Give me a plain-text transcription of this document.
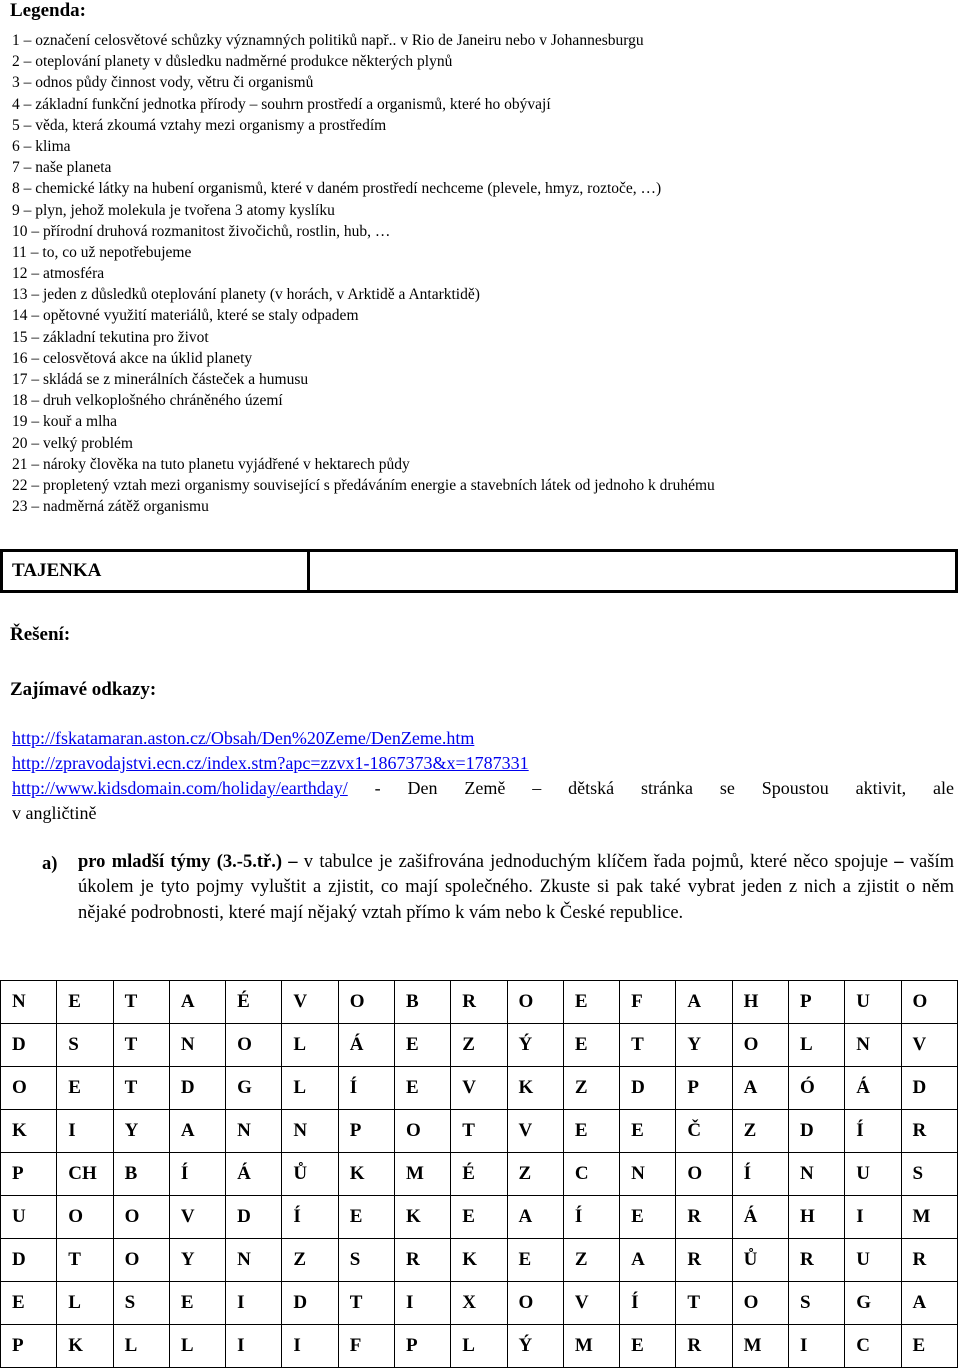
Legenda:
1 – označení celosvětové schůzky významných politiků např.. v Rio de Janeiru nebo v Johannesburgu
2 – oteplování planety v důsledku nadměrné produkce některých plynů
3 – odnos půdy činnost vody, větru či organismů
4 – základní funkční jednotka přírody – souhrn prostředí a organismů, které ho obývají
5 – věda, která zkoumá vztahy mezi organismy a prostředím
6 – klima
7 – naše planeta
8 – chemické látky na hubení organismů, které v daném prostředí nechceme (plevele, hmyz, roztoče, …)
9 – plyn, jehož molekula je tvořena 3 atomy kyslíku
10 – přírodní druhová rozmanitost živočichů, rostlin, hub, …
11 – to, co už nepotřebujeme
12 – atmosféra
13 – jeden z důsledků oteplování planety (v horách, v Arktidě a Antarktidě)
14 – opětovné využití materiálů, které se staly odpadem
15 – základní tekutina pro život
16 – celosvětová akce na úklid planety
17 – skládá se z minerálních částeček a humusu
18 – druh velkoplošného chráněného území
19 – kouř a mlha
20 – velký problém
21 – nároky člověka na tuto planetu vyjádřené v hektarech půdy
22 – propletený vztah mezi organismy související s předáváním energie a stavebních látek od jednoho k druhému
23 – nadměrná zátěž organismu
TAJENKA	
Řešení:
Zajímavé odkazy:
http://fskatamaran.aston.cz/Obsah/Den%20Zeme/DenZeme.htm
http://zpravodajstvi.ecn.cz/index.stm?apc=zzvx1-1867373&x=1787331
http://www.kidsdomain.com/holiday/earthday/ - Den Země – dětská stránka se Spoustou aktivit, ale
v angličtině
a) pro mladší týmy (3.-5.tř.) – v tabulce je zašifrována jednoduchým klíčem řada pojmů, které něco spojuje – vaším úkolem je tyto pojmy vyluštit a zjistit, co mají společného. Zkuste si pak také vybrat jeden z nich a zjistit o něm nějaké podrobnosti, které mají nějaký vztah přímo k vám nebo k České republice.
N	E	T	A	É	V	O	B	R	O	E	F	A	H	P	U	O
D	S	T	N	O	L	Á	E	Z	Ý	E	T	Y	O	L	N	V
O	E	T	D	G	L	Í	E	V	K	Z	D	P	A	Ó	Á	D
K	I	Y	A	N	N	P	O	T	V	E	E	Č	Z	D	Í	R
P	CH	B	Í	Á	Ů	K	M	É	Z	C	N	O	Í	N	U	S
U	O	O	V	D	Í	E	K	E	A	Í	E	R	Á	H	I	M
D	T	O	Y	N	Z	S	R	K	E	Z	A	R	Ů	R	U	R
E	L	S	E	I	D	T	I	X	O	V	Í	T	O	S	G	A
P	K	L	L	I	I	F	P	L	Ý	M	E	R	M	I	C	E
